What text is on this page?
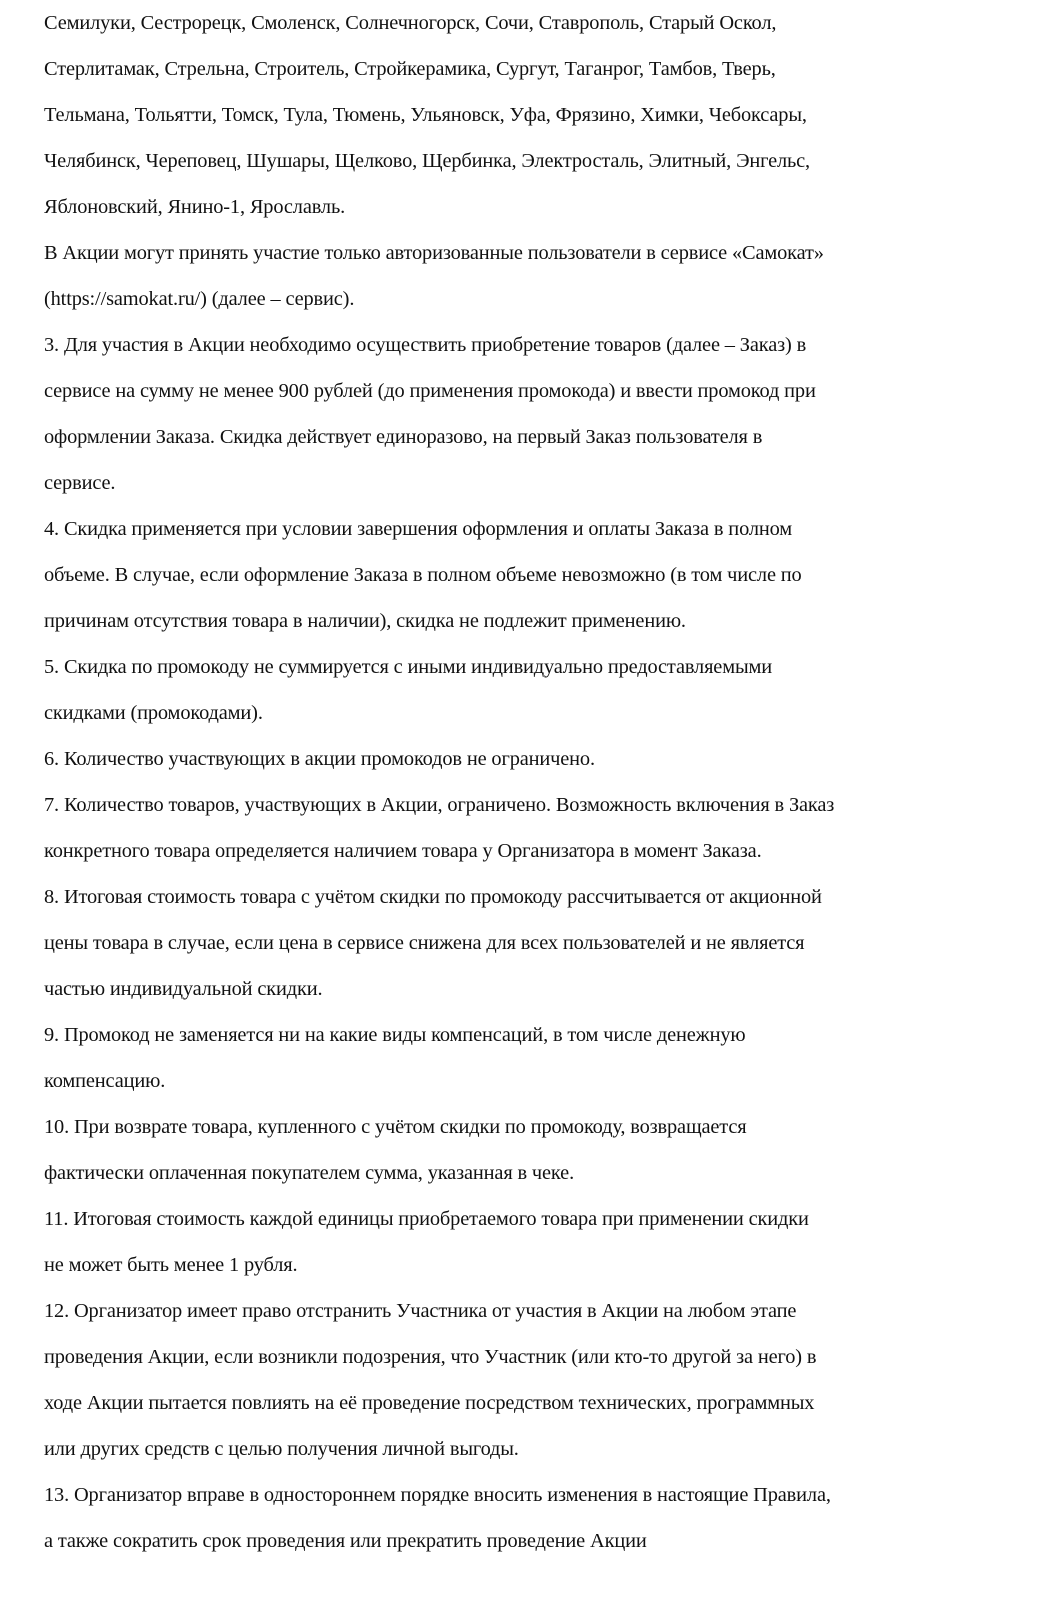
Семилуки, Сестрорецк, Смоленск, Солнечногорск, Сочи, Ставрополь, Старый Оскол,
Стерлитамак, Стрельна, Строитель, Стройкерамика, Сургут, Таганрог, Тамбов, Тверь,
Тельмана, Тольятти, Томск, Тула, Тюмень, Ульяновск, Уфа, Фрязино, Химки, Чебоксары,
Челябинск, Череповец, Шушары, Щелково, Щербинка, Электросталь, Элитный, Энгельс,
Яблоновский, Янино-1, Ярославль.
В Акции могут принять участие только авторизованные пользователи в сервисе «Самокат»
(https://samokat.ru/) (далее – сервис).
3. Для участия в Акции необходимо осуществить приобретение товаров (далее – Заказ) в
сервисе на сумму не менее 900 рублей (до применения промокода) и ввести промокод при
оформлении Заказа. Скидка действует единоразово, на первый Заказ пользователя в
сервисе.
4. Скидка применяется при условии завершения оформления и оплаты Заказа в полном
объеме. В случае, если оформление Заказа в полном объеме невозможно (в том числе по
причинам отсутствия товара в наличии), скидка не подлежит применению.
5. Скидка по промокоду не суммируется с иными индивидуально предоставляемыми
скидками (промокодами).
6. Количество участвующих в акции промокодов не ограничено.
7. Количество товаров, участвующих в Акции, ограничено. Возможность включения в Заказ
конкретного товара определяется наличием товара у Организатора в момент Заказа.
8. Итоговая стоимость товара с учётом скидки по промокоду рассчитывается от акционной
цены товара в случае, если цена в сервисе снижена для всех пользователей и не является
частью индивидуальной скидки.
9. Промокод не заменяется ни на какие виды компенсаций, в том числе денежную
компенсацию.
10. При возврате товара, купленного с учётом скидки по промокоду, возвращается
фактически оплаченная покупателем сумма, указанная в чеке.
11. Итоговая стоимость каждой единицы приобретаемого товара при применении скидки
не может быть менее 1 рубля.
12. Организатор имеет право отстранить Участника от участия в Акции на любом этапе
проведения Акции, если возникли подозрения, что Участник (или кто-то другой за него) в
ходе Акции пытается повлиять на её проведение посредством технических, программных
или других средств с целью получения личной выгоды.
13. Организатор вправе в одностороннем порядке вносить изменения в настоящие Правила,
а также сократить срок проведения или прекратить проведение Акции
